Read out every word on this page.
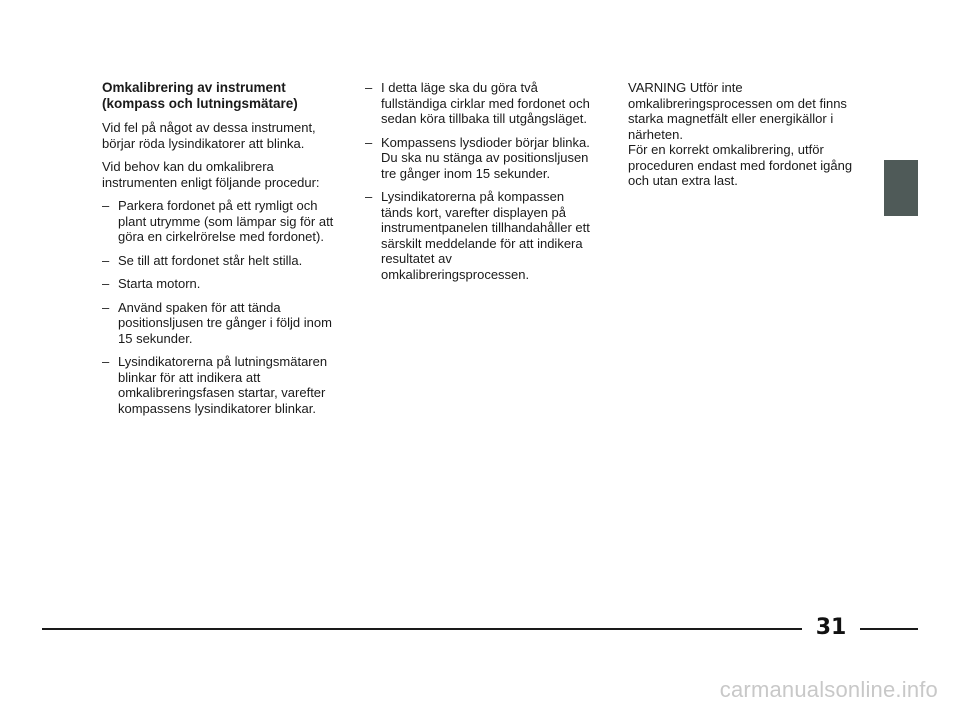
Omkalibrering av instrument
(kompass och lutningsmätare)

Vid fel på något av dessa instrument, börjar röda lysindikatorer att blinka.

Vid behov kan du omkalibrera instrumenten enligt följande procedur:

– Parkera fordonet på ett rymligt och plant utrymme (som lämpar sig för att göra en cirkelrörelse med fordonet).
– Se till att fordonet står helt stilla.
– Starta motorn.
– Använd spaken för att tända positionsljusen tre gånger i följd inom 15 sekunder.
– Lysindikatorerna på lutningsmätaren blinkar för att indikera att omkalibreringsfasen startar, varefter kompassens lysindikatorer blinkar.
– I detta läge ska du göra två fullständiga cirklar med fordonet och sedan köra tillbaka till utgångsläget.
– Kompassens lysdioder börjar blinka. Du ska nu stänga av positionsljusen tre gånger inom 15 sekunder.
– Lysindikatorerna på kompassen tänds kort, varefter displayen på instrumentpanelen tillhandahåller ett särskilt meddelande för att indikera resultatet av omkalibreringsprocessen.

VARNING Utför inte omkalibreringsprocessen om det finns starka magnetfält eller energikällor i närheten.
För en korrekt omkalibrering, utför proceduren endast med fordonet igång och utan extra last.

31
carmanualsonline.info
